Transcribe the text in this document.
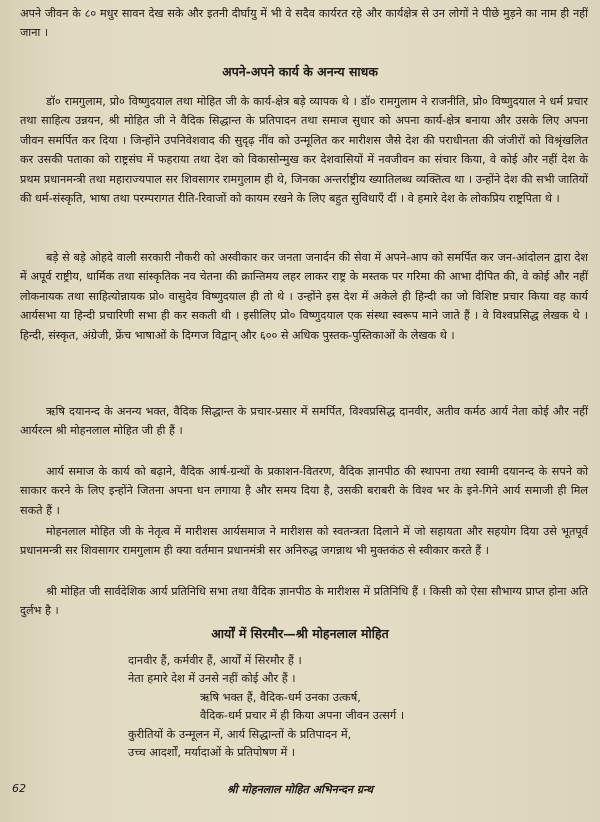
अपने जीवन के ८० मधुर सावन देख सके और इतनी दीर्घायु में भी वे सदैव कार्यरत रहे और कार्यक्षेत्र से उन लोगों ने पीछे मुड़ने का नाम ही नहीं जाना ।

अपने-अपने कार्य के अनन्य साधक

डॉ० रामगुलाम, प्रो० विष्णुदयाल तथा मोहित जी के कार्य-क्षेत्र बड़े व्यापक थे । डॉ० रामगुलाम ने राजनीति, प्रो० विष्णुदयाल ने धर्म प्रचार तथा साहित्य उन्नयन, श्री मोहित जी ने वैदिक सिद्धान्त के प्रतिपादन तथा समाज सुधार को अपना कार्य-क्षेत्र बनाया और उसके लिए अपना जीवन समर्पित कर दिया । जिन्होंने उपनिवेशवाद की सुदृढ़ नींव को उन्मूलित कर मारीशस जैसे देश की पराधीनता की जंजीरों को विश्रृंखलित कर उसकी पताका को राष्ट्रसंघ में फहराया तथा देश को विकासोन्मुख कर देशवासियों में नवजीवन का संचार किया, वे कोई और नहीं देश के प्रथम प्रधानमन्त्री तथा महाराज्यपाल सर शिवसागर रामगुलाम ही थे, जिनका अन्तर्राष्ट्रीय ख्यातिलब्ध व्यक्तित्व था । उन्होंने देश की सभी जातियों की धर्म-संस्कृति, भाषा तथा परम्परागत रीति-रिवाजों को कायम रखने के लिए बहुत सुविधाएँ दीं । वे हमारे देश के लोकप्रिय राष्ट्रपिता थे ।

बड़े से बड़े ओहदे वाली सरकारी नौकरी को अस्वीकार कर जनता जनार्दन की सेवा में अपने-आप को समर्पित कर जन-आंदोलन द्वारा देश में अपूर्व राष्ट्रीय, धार्मिक तथा सांस्कृतिक नव चेतना की क्रान्तिमय लहर लाकर राष्ट्र के मस्तक पर गरिमा की आभा दीपित की, वे कोई और नहीं लोकनायक तथा साहित्योन्नायक प्रो० वासुदेव विष्णुदयाल ही तो थे । उन्होंने इस देश में अकेले ही हिन्दी का जो विशिष्ट प्रचार किया वह कार्य आर्यसभा या हिन्दी प्रचारिणी सभा ही कर सकती थी । इसीलिए प्रो० विष्णुदयाल एक संस्था स्वरूप माने जाते हैं । वे विश्वप्रसिद्ध लेखक थे । हिन्दी, संस्कृत, अंग्रेजी, फ्रेंच भाषाओं के दिग्गज विद्वान् और ६०० से अधिक पुस्तक-पुस्तिकाओं के लेखक थे ।

ऋषि दयानन्द के अनन्य भक्त, वैदिक सिद्धान्त के प्रचार-प्रसार में समर्पित, विश्वप्रसिद्ध दानवीर, अतीव कर्मठ आर्य नेता कोई और नहीं आर्यरत्न श्री मोहनलाल मोहित जी ही हैं ।

आर्य समाज के कार्य को बढ़ाने, वैदिक आर्ष-ग्रन्थों के प्रकाशन-वितरण, वैदिक ज्ञानपीठ की स्थापना तथा स्वामी दयानन्द के सपने को साकार करने के लिए इन्होंने जितना अपना धन लगाया है और समय दिया है, उसकी बराबरी के विश्व भर के इने-गिने आर्य समाजी ही मिल सकते हैं ।

मोहनलाल मोहित जी के नेतृत्व में मारीशस आर्यसमाज ने मारीशस को स्वतन्त्रता दिलाने में जो सहायता और सहयोग दिया उसे भूतपूर्व प्रधानमन्त्री सर शिवसागर रामगुलाम ही क्या वर्तमान प्रधानमंत्री सर अनिरुद्ध जगन्नाथ भी मुक्तकंठ से स्वीकार करते हैं ।

श्री मोहित जी सार्वदेशिक आर्य प्रतिनिधि सभा तथा वैदिक ज्ञानपीठ के मारीशस में प्रतिनिधि हैं । किसी को ऐसा सौभाग्य प्राप्त होना अति दुर्लभ है ।

आर्यों में सिरमौर—श्री मोहनलाल मोहित
दानवीर हैं, कर्मवीर हैं, आर्यों में सिरमौर हैं ।
नेता हमारे देश में उनसे नहीं कोई और हैं ।
ऋषि भक्त हैं, वैदिक-धर्म उनका उत्कर्ष,
वैदिक-धर्म प्रचार में ही किया अपना जीवन उत्सर्ग ।
कुरीतियों के उन्मूलन में, आर्य सिद्धान्तों के प्रतिपादन में,
उच्च आदर्शों, मर्यादाओं के प्रतिपोषण में ।
62	श्री मोहनलाल मोहित अभिनन्दन ग्रन्थ
